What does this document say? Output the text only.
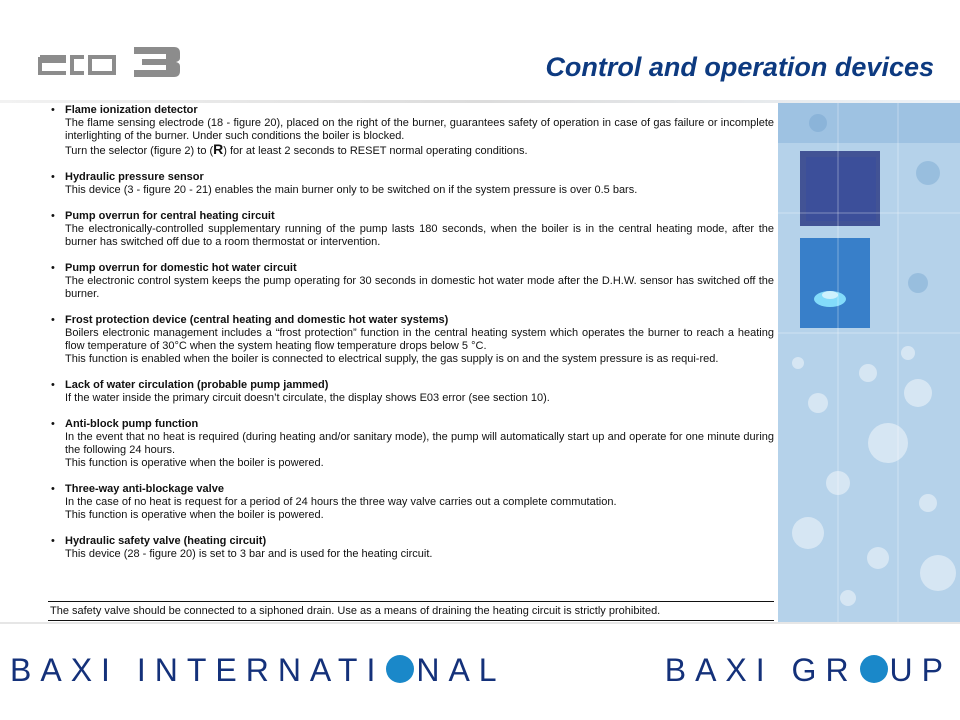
Control and operation devices
• Flame ionization detector
The flame sensing electrode (18 - figure 20), placed on the right of the burner, guarantees safety of operation in case of gas failure or incomplete interlighting of the burner. Under such conditions the boiler is blocked.
Turn the selector (figure 2) to (R) for at least 2 seconds to RESET normal operating conditions.
• Hydraulic pressure sensor
This device (3 - figure 20 - 21) enables the main burner only to be switched on if the system pressure is over 0.5 bars.
• Pump overrun for central heating circuit
The electronically-controlled supplementary running of the pump lasts 180 seconds, when the boiler is in the central heating mode, after the burner has switched off due to a room thermostat or intervention.
• Pump overrun for domestic hot water circuit
The electronic control system keeps the pump operating for 30 seconds in domestic hot water mode after the D.H.W. sensor has switched off the burner.
• Frost protection device (central heating and domestic hot water systems)
Boilers electronic management includes a “frost protection” function in the central heating system which operates the burner to reach a heating flow temperature of 30°C when the system heating flow temperature drops below 5 °C.
This function is enabled when the boiler is connected to electrical supply, the gas supply is on and the system pressure is as requi-red.
• Lack of water circulation (probable pump jammed)
If the water inside the primary circuit doesn’t circulate, the display shows E03 error (see section 10).
• Anti-block pump function
In the event that no heat is required (during heating and/or sanitary mode), the pump will automatically start up and operate for one minute during the following 24 hours.
This function is operative when the boiler is powered.
• Three-way anti-blockage valve
In the case of no heat is request for a period of 24 hours the three way valve carries out a complete commutation.
This function is operative when the boiler is powered.
• Hydraulic safety valve (heating circuit)
This device (28 - figure 20) is set to 3 bar and is used for the heating circuit.
The safety valve should be connected to a siphoned drain. Use as a means of draining the heating circuit is strictly prohibited.
BAXI INTERNATI NAL	BAXI GR UP
